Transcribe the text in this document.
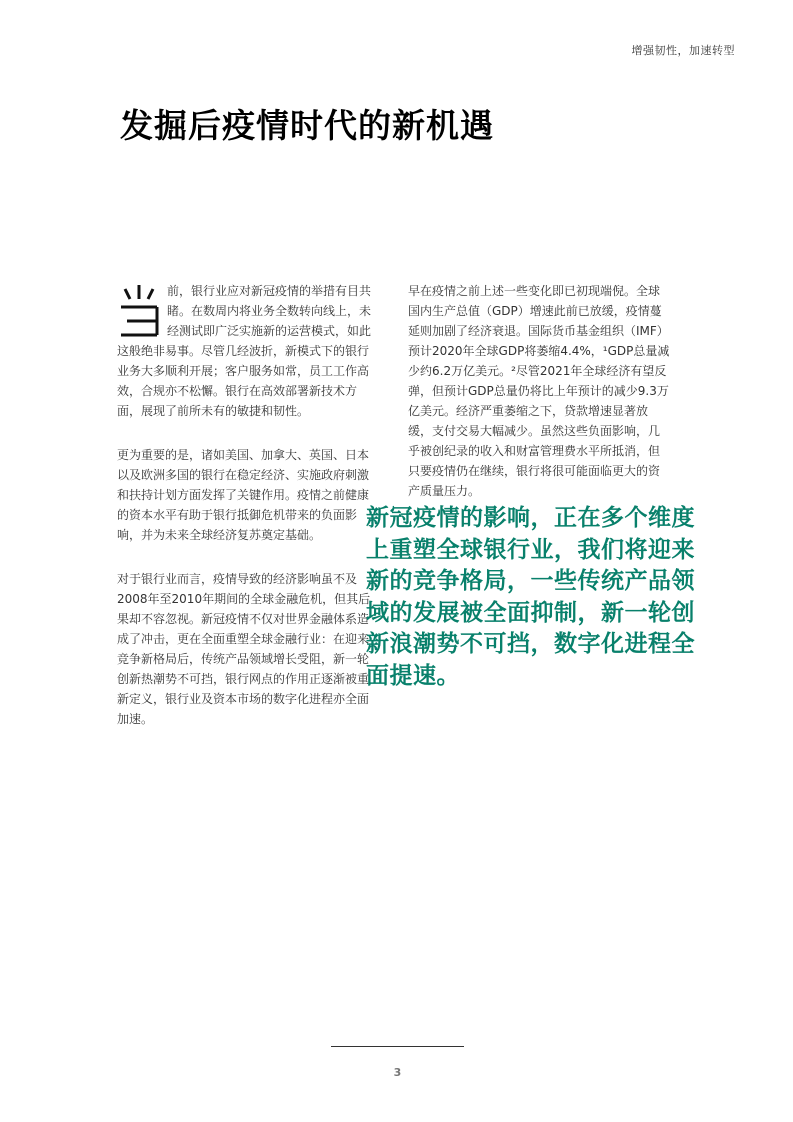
增强韧性，加速转型
发掘后疫情时代的新机遇

前，银行业应对新冠疫情的举措有目共睹。在数周内将业务全数转向线上，未经测试即广泛实施新的运营模式，如此这般绝非易事。尽管几经波折，新模式下的银行业务大多顺利开展；客户服务如常，员工工作高效，合规亦不松懈。银行在高效部署新技术方面，展现了前所未有的敏捷和韧性。

更为重要的是，诸如美国、加拿大、英国、日本以及欧洲多国的银行在稳定经济、实施政府刺激和扶持计划方面发挥了关键作用。疫情之前健康的资本水平有助于银行抵御危机带来的负面影响，并为未来全球经济复苏奠定基础。

对于银行业而言，疫情导致的经济影响虽不及2008年至2010年期间的全球金融危机，但其后果却不容忽视。新冠疫情不仅对世界金融体系造成了冲击，更在全面重塑全球金融行业：在迎来竞争新格局后，传统产品领域增长受阻，新一轮创新热潮势不可挡，银行网点的作用正逐渐被重新定义，银行业及资本市场的数字化进程亦全面加速。

早在疫情之前上述一些变化即已初现端倪。全球国内生产总值（GDP）增速此前已放缓，疫情蔓延则加剧了经济衰退。国际货币基金组织（IMF）预计2020年全球GDP将萎缩4.4%，¹GDP总量减少约6.2万亿美元。²尽管2021年全球经济有望反弹，但预计GDP总量仍将比上年预计的减少9.3万亿美元。经济严重萎缩之下，贷款增速显著放缓，支付交易大幅减少。虽然这些负面影响，几乎被创纪录的收入和财富管理费水平所抵消，但只要疫情仍在继续，银行将很可能面临更大的资产质量压力。

新冠疫情的影响，正在多个维度上重塑全球银行业，我们将迎来新的竞争格局，一些传统产品领域的发展被全面抑制，新一轮创新浪潮势不可挡，数字化进程全面提速。

3
